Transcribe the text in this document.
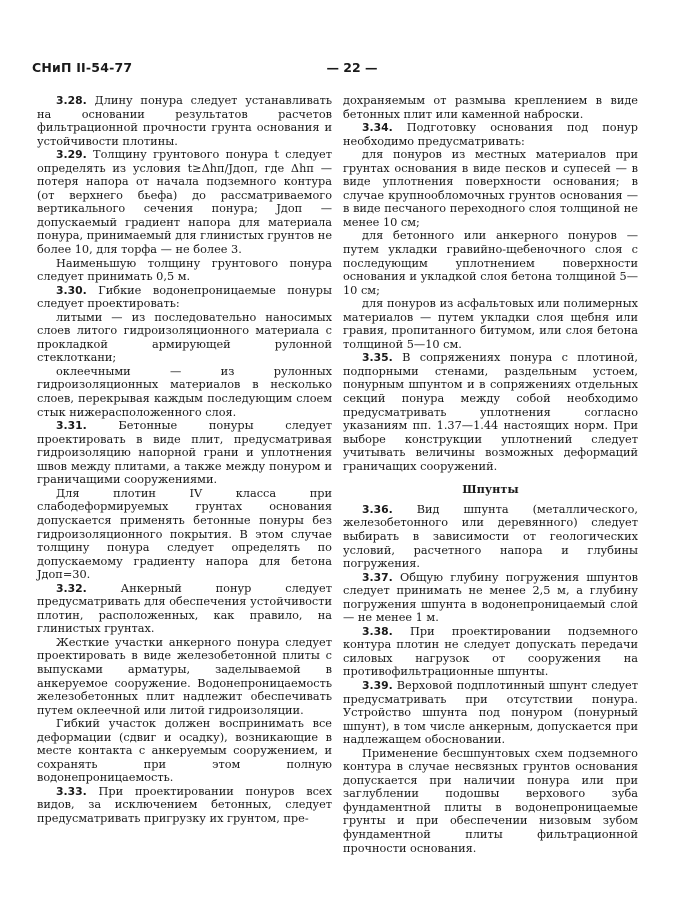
СНиП II-54-77	— 22 —

3.28. Длину понура следует устанавливать на основании результатов расчетов фильтрационной прочности грунта основания и устойчивости плотины.

3.29. Толщину грунтового понура t следует определять из условия t≥Δhп/Jдоп, где Δhп — потеря напора от начала подземного контура (от верхнего бьефа) до рассматриваемого вертикального сечения понура; Jдоп — допускаемый градиент напора для материала понура, принимаемый для глинистых грунтов не более 10, для торфа — не более 3.

Наименьшую толщину грунтового понура следует принимать 0,5 м.

3.30. Гибкие водонепроницаемые понуры следует проектировать:

литыми — из последовательно наносимых слоев литого гидроизоляционного материала с прокладкой армирующей рулонной стеклоткани;

оклеечными — из рулонных гидроизоляционных материалов в несколько слоев, перекрывая каждым последующим слоем стык нижерасположенного слоя.

3.31. Бетонные понуры следует проектировать в виде плит, предусматривая гидроизоляцию напорной грани и уплотнения швов между плитами, а также между понуром и граничащими сооружениями.

Для плотин IV класса при слабодеформируемых грунтах основания допускается применять бетонные понуры без гидроизоляционного покрытия. В этом случае толщину понура следует определять по допускаемому градиенту напора для бетона Jдоп=30.

3.32. Анкерный понур следует предусматривать для обеспечения устойчивости плотин, расположенных, как правило, на глинистых грунтах.

Жесткие участки анкерного понура следует проектировать в виде железобетонной плиты с выпусками арматуры, заделываемой в анкеруемое сооружение. Водонепроницаемость железобетонных плит надлежит обеспечивать путем оклеечной или литой гидроизоляции.

Гибкий участок должен воспринимать все деформации (сдвиг и осадку), возникающие в месте контакта с анкеруемым сооружением, и сохранять при этом полную водонепроницаемость.

3.33. При проектировании понуров всех видов, за исключением бетонных, следует предусматривать пригрузку их грунтом, пре-

дохраняемым от размыва креплением в виде бетонных плит или каменной наброски.

3.34. Подготовку основания под понур необходимо предусматривать:

для понуров из местных материалов при грунтах основания в виде песков и супесей — в виде уплотнения поверхности основания; в случае крупнообломочных грунтов основания — в виде песчаного переходного слоя толщиной не менее 10 см;

для бетонного или анкерного понуров — путем укладки гравийно-щебеночного слоя с последующим уплотнением поверхности основания и укладкой слоя бетона толщиной 5—10 см;

для понуров из асфальтовых или полимерных материалов — путем укладки слоя щебня или гравия, пропитанного битумом, или слоя бетона толщиной 5—10 см.

3.35. В сопряжениях понура с плотиной, подпорными стенами, раздельным устоем, понурным шпунтом и в сопряжениях отдельных секций понура между собой необходимо предусматривать уплотнения согласно указаниям пп. 1.37—1.44 настоящих норм. При выборе конструкции уплотнений следует учитывать величины возможных деформаций граничащих сооружений.

Шпунты

3.36. Вид шпунта (металлического, железобетонного или деревянного) следует выбирать в зависимости от геологических условий, расчетного напора и глубины погружения.

3.37. Общую глубину погружения шпунтов следует принимать не менее 2,5 м, а глубину погружения шпунта в водонепроницаемый слой — не менее 1 м.

3.38. При проектировании подземного контура плотин не следует допускать передачи силовых нагрузок от сооружения на противофильтрационные шпунты.

3.39. Верховой подплотинный шпунт следует предусматривать при отсутствии понура. Устройство шпунта под понуром (понурный шпунт), в том числе анкерным, допускается при надлежащем обосновании.

Применение бесшпунтовых схем подземного контура в случае несвязных грунтов основания допускается при наличии понура или при заглублении подошвы верхового зуба фундаментной плиты в водонепроницаемые грунты и при обеспечении низовым зубом фундаментной плиты фильтрационной прочности основания.
